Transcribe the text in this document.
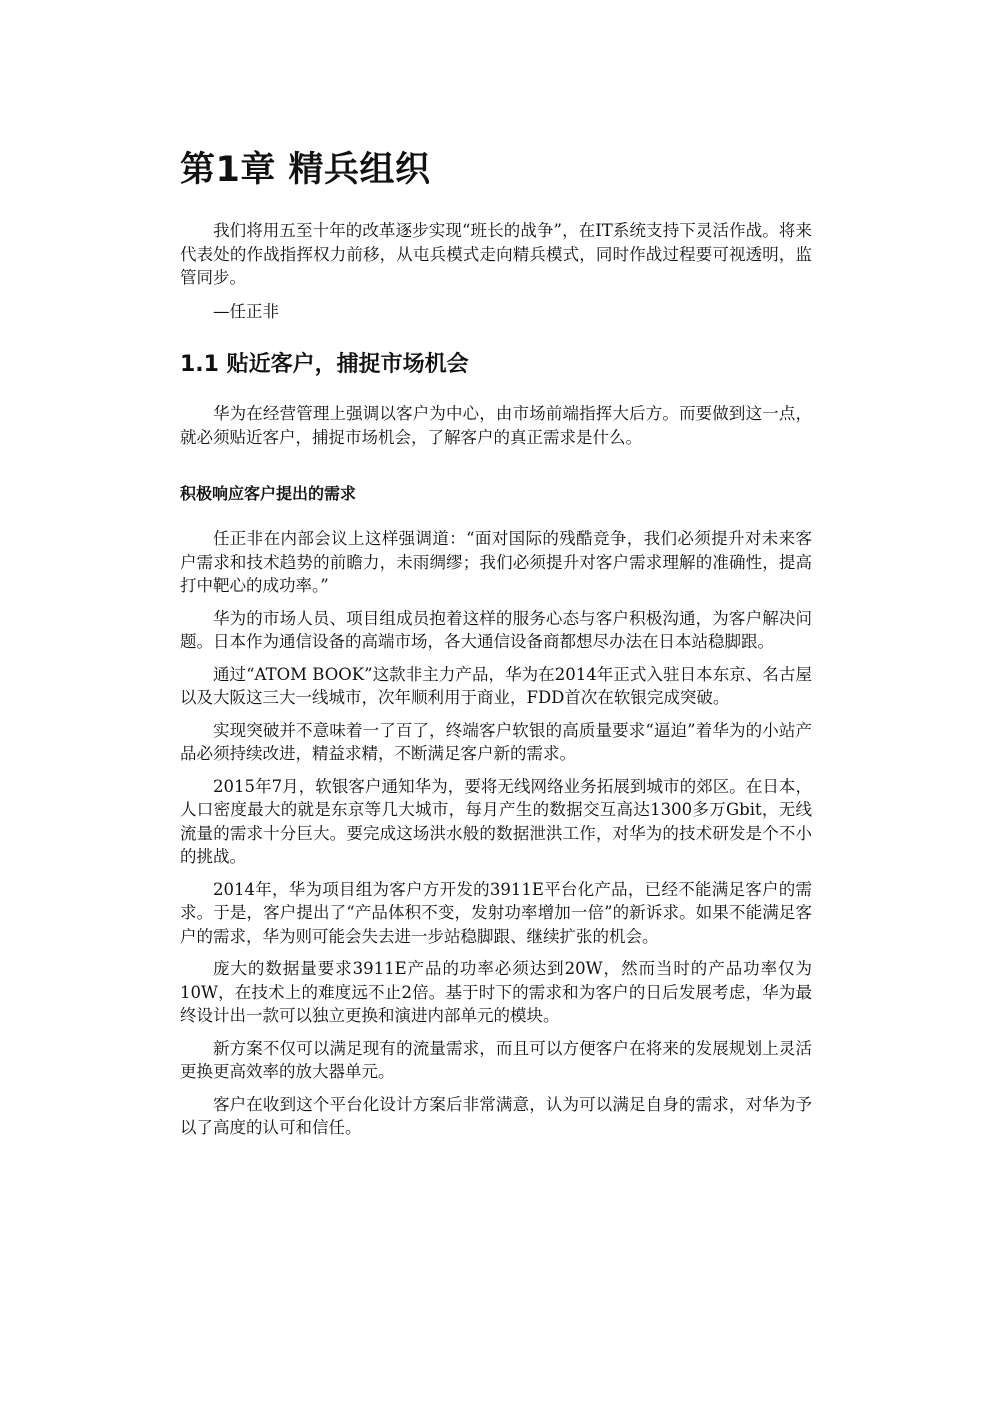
第1章 精兵组织

我们将用五至十年的改革逐步实现“班长的战争”，在IT系统支持下灵活作战。将来代表处的作战指挥权力前移，从屯兵模式走向精兵模式，同时作战过程要可视透明，监管同步。

—任正非

1.1 贴近客户，捕捉市场机会

华为在经营管理上强调以客户为中心，由市场前端指挥大后方。而要做到这一点，就必须贴近客户，捕捉市场机会，了解客户的真正需求是什么。

积极响应客户提出的需求

任正非在内部会议上这样强调道：“面对国际的残酷竞争，我们必须提升对未来客户需求和技术趋势的前瞻力，未雨绸缪；我们必须提升对客户需求理解的准确性，提高打中靶心的成功率。”

华为的市场人员、项目组成员抱着这样的服务心态与客户积极沟通，为客户解决问题。日本作为通信设备的高端市场，各大通信设备商都想尽办法在日本站稳脚跟。

通过“ATOM BOOK”这款非主力产品，华为在2014年正式入驻日本东京、名古屋以及大阪这三大一线城市，次年顺利用于商业，FDD首次在软银完成突破。

实现突破并不意味着一了百了，终端客户软银的高质量要求“逼迫”着华为的小站产品必须持续改进，精益求精，不断满足客户新的需求。

2015年7月，软银客户通知华为，要将无线网络业务拓展到城市的郊区。在日本，人口密度最大的就是东京等几大城市，每月产生的数据交互高达1300多万Gbit，无线流量的需求十分巨大。要完成这场洪水般的数据泄洪工作，对华为的技术研发是个不小的挑战。

2014年，华为项目组为客户方开发的3911E平台化产品，已经不能满足客户的需求。于是，客户提出了“产品体积不变，发射功率增加一倍”的新诉求。如果不能满足客户的需求，华为则可能会失去进一步站稳脚跟、继续扩张的机会。

庞大的数据量要求3911E产品的功率必须达到20W，然而当时的产品功率仅为10W，在技术上的难度远不止2倍。基于时下的需求和为客户的日后发展考虑，华为最终设计出一款可以独立更换和演进内部单元的模块。

新方案不仅可以满足现有的流量需求，而且可以方便客户在将来的发展规划上灵活更换更高效率的放大器单元。

客户在收到这个平台化设计方案后非常满意，认为可以满足自身的需求，对华为予以了高度的认可和信任。
